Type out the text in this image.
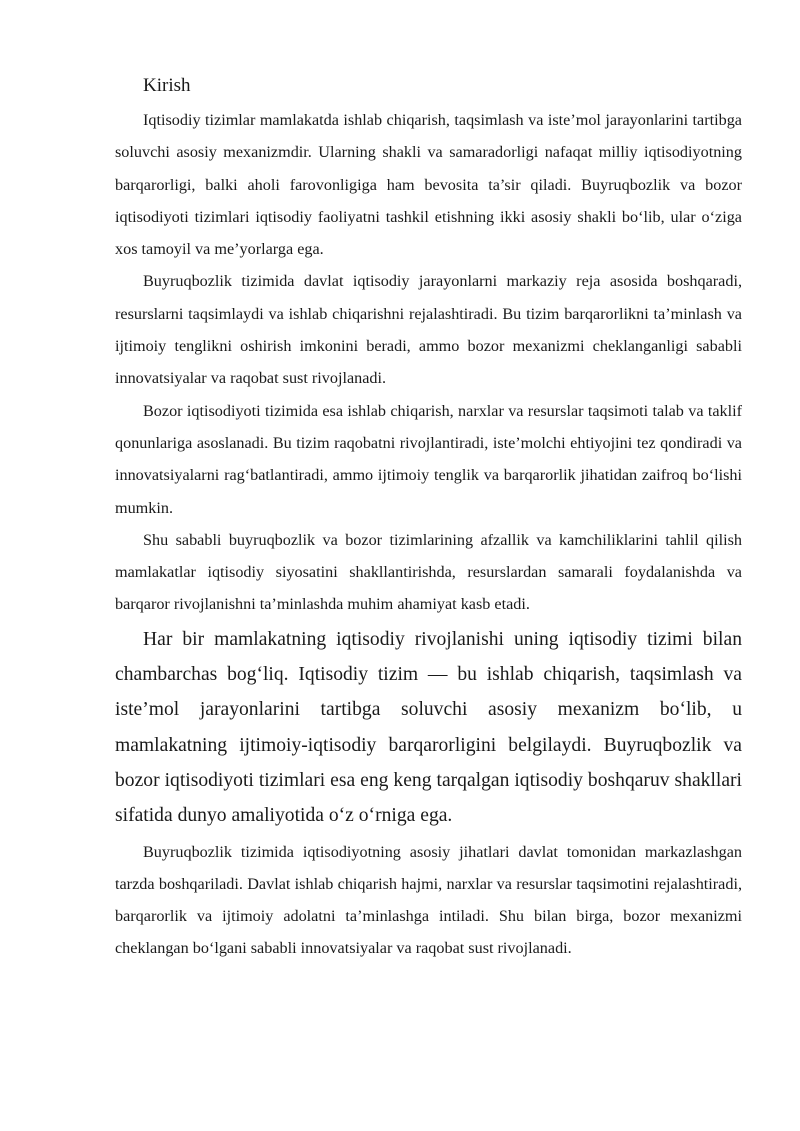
Kirish

Iqtisodiy tizimlar mamlakatda ishlab chiqarish, taqsimlash va iste’mol jarayonlarini tartibga soluvchi asosiy mexanizmdir. Ularning shakli va samaradorligi nafaqat milliy iqtisodiyotning barqarorligi, balki aholi farovonligiga ham bevosita ta’sir qiladi. Buyruqbozlik va bozor iqtisodiyoti tizimlari iqtisodiy faoliyatni tashkil etishning ikki asosiy shakli bo‘lib, ular o‘ziga xos tamoyil va me’yorlarga ega.

Buyruqbozlik tizimida davlat iqtisodiy jarayonlarni markaziy reja asosida boshqaradi, resurslarni taqsimlaydi va ishlab chiqarishni rejalashtiradi. Bu tizim barqarorlikni ta’minlash va ijtimoiy tenglikni oshirish imkonini beradi, ammo bozor mexanizmi cheklanganligi sababli innovatsiyalar va raqobat sust rivojlanadi.

Bozor iqtisodiyoti tizimida esa ishlab chiqarish, narxlar va resurslar taqsimoti talab va taklif qonunlariga asoslanadi. Bu tizim raqobatni rivojlantiradi, iste’molchi ehtiyojini tez qondiradi va innovatsiyalarni rag‘batlantiradi, ammo ijtimoiy tenglik va barqarorlik jihatidan zaifroq bo‘lishi mumkin.

Shu sababli buyruqbozlik va bozor tizimlarining afzallik va kamchiliklarini tahlil qilish mamlakatlar iqtisodiy siyosatini shakllantirishda, resurslardan samarali foydalanishda va barqaror rivojlanishni ta’minlashda muhim ahamiyat kasb etadi.

Har bir mamlakatning iqtisodiy rivojlanishi uning iqtisodiy tizimi bilan chambarchas bog‘liq. Iqtisodiy tizim — bu ishlab chiqarish, taqsimlash va iste’mol jarayonlarini tartibga soluvchi asosiy mexanizm bo‘lib, u mamlakatning ijtimoiy-iqtisodiy barqarorligini belgilaydi. Buyruqbozlik va bozor iqtisodiyoti tizimlari esa eng keng tarqalgan iqtisodiy boshqaruv shakllari sifatida dunyo amaliyotida o‘z o‘rniga ega.

Buyruqbozlik tizimida iqtisodiyotning asosiy jihatlari davlat tomonidan markazlashgan tarzda boshqariladi. Davlat ishlab chiqarish hajmi, narxlar va resurslar taqsimotini rejalashtiradi, barqarorlik va ijtimoiy adolatni ta’minlashga intiladi. Shu bilan birga, bozor mexanizmi cheklangan bo‘lgani sababli innovatsiyalar va raqobat sust rivojlanadi.
